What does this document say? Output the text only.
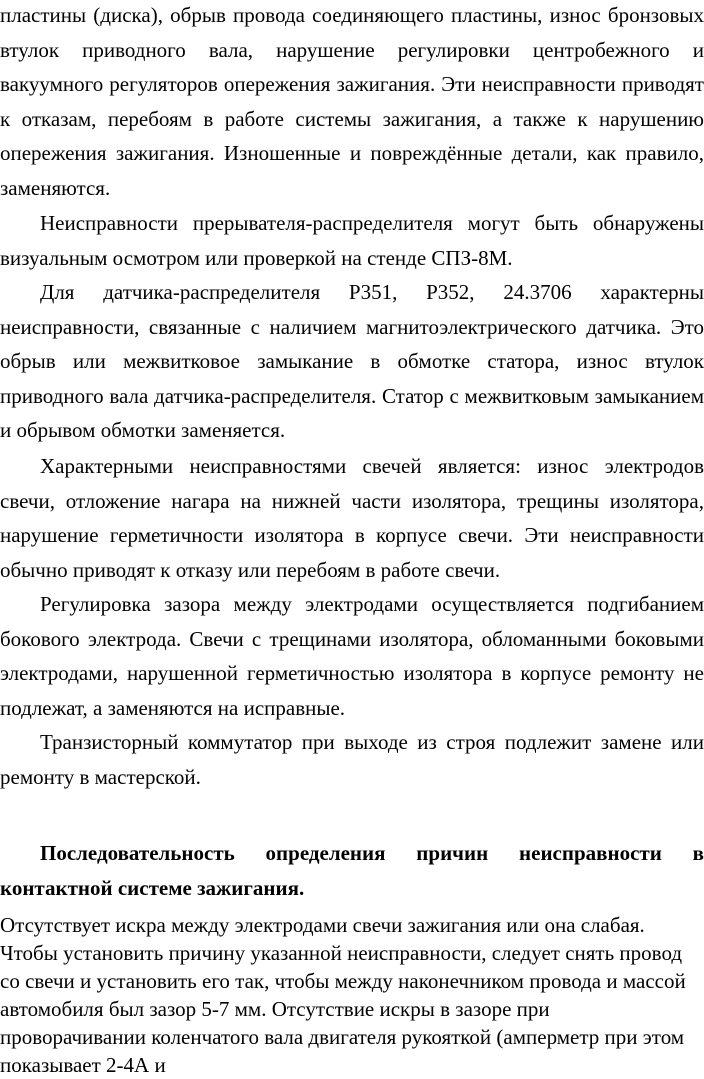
пластины (диска), обрыв провода соединяющего пластины, износ бронзовых втулок приводного вала, нарушение регулировки центробежного и вакуумного регуляторов опережения зажигания. Эти неисправности приводят к отказам, перебоям в работе системы зажигания, а также к нарушению опережения зажигания. Изношенные и повреждённые детали, как правило, заменяются.

Неисправности прерывателя-распределителя могут быть обнаружены визуальным осмотром или проверкой на стенде СПЗ-8М.

Для датчика-распределителя Р351, Р352, 24.3706 характерны неисправности, связанные с наличием магнитоэлектрического датчика. Это обрыв или межвитковое замыкание в обмотке статора, износ втулок приводного вала датчика-распределителя. Статор с межвитковым замыканием и обрывом обмотки заменяется.

Характерными неисправностями свечей является: износ электродов свечи, отложение нагара на нижней части изолятора, трещины изолятора, нарушение герметичности изолятора в корпусе свечи. Эти неисправности обычно приводят к отказу или перебоям в работе свечи.

Регулировка зазора между электродами осуществляется подгибанием бокового электрода. Свечи с трещинами изолятора, обломанными боковыми электродами, нарушенной герметичностью изолятора в корпусе ремонту не подлежат, а заменяются на исправные.

Транзисторный коммутатор при выходе из строя подлежит замене или ремонту в мастерской.

Последовательность определения причин неисправности в контактной системе зажигания.

Отсутствует искра между электродами свечи зажигания или она слабая. Чтобы установить причину указанной неисправности, следует снять провод со свечи и установить его так, чтобы между наконечником провода и массой автомобиля был зазор 5-7 мм. Отсутствие искры в зазоре при проворачивании коленчатого вала двигателя рукояткой (амперметр при этом показывает 2-4А и
